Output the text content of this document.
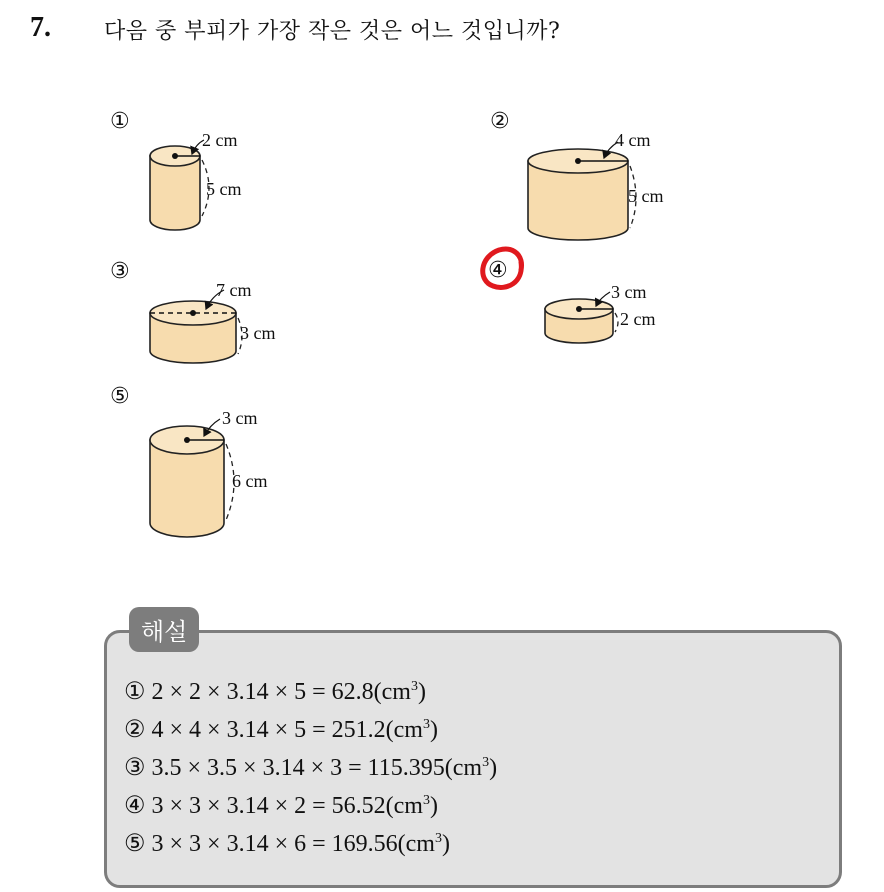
7. 다음 중 부피가 가장 작은 것은 어느 것입니까?
①
2 cm
5 cm
②
4 cm
5 cm
③
7 cm
3 cm
④
3 cm
2 cm
⑤
3 cm
6 cm
해설
① $2 \times 2 \times 3.14 \times 5 = 62.8(cm^3)$
② $4 \times 4 \times 3.14 \times 5 = 251.2(cm^3)$
③ $3.5 \times 3.5 \times 3.14 \times 3 = 115.395(cm^3)$
④ $3 \times 3 \times 3.14 \times 2 = 56.52(cm^3)$
⑤ $3 \times 3 \times 3.14 \times 6 = 169.56(cm^3)$
